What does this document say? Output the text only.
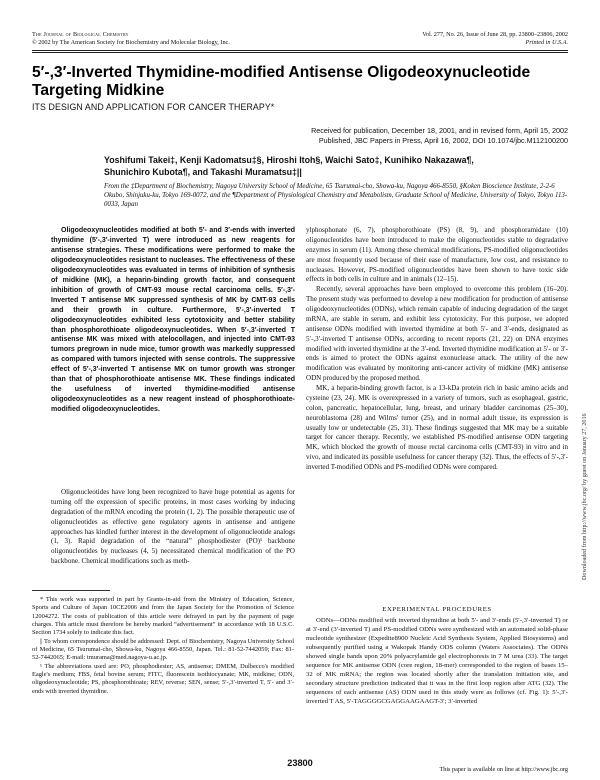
The Journal of Biological Chemistry
© 2002 by The American Society for Biochemistry and Molecular Biology, Inc.
Vol. 277, No. 26, Issue of June 28, pp. 23800–23806, 2002
Printed in U.S.A.
5′-,3′-Inverted Thymidine-modified Antisense Oligodeoxynucleotide Targeting Midkine
ITS DESIGN AND APPLICATION FOR CANCER THERAPY*
Received for publication, December 18, 2001, and in revised form, April 15, 2002
Published, JBC Papers in Press, April 16, 2002, DOI 10.1074/jbc.M112100200
Yoshifumi Takei‡, Kenji Kadomatsu‡§, Hiroshi Itoh§, Waichi Sato‡, Kunihiko Nakazawa¶,
Shunichiro Kubota¶, and Takashi Muramatsu‡||
From the ‡Department of Biochemistry, Nagoya University School of Medicine, 65 Tsurumai-cho, Showa-ku, Nagoya 466-8550, §Koken Bioscience Institute, 2-2-6 Okubo, Shinjuku-ku, Tokyo 169-0072, and the ¶Department of Physiological Chemistry and Metabolism, Graduate School of Medicine, University of Tokyo, Tokyo 113-0033, Japan

Oligodeoxynucleotides modified at both 5′- and 3′-ends with inverted thymidine (5′-,3′-inverted T) were introduced as new reagents for antisense strategies. These modifications were performed to make the oligodeoxynucleotides resistant to nucleases. The effectiveness of these oligodeoxynucleotides was evaluated in terms of inhibition of synthesis of midkine (MK), a heparin-binding growth factor, and consequent inhibition of growth of CMT-93 mouse rectal carcinoma cells. 5′-,3′-Inverted T antisense MK suppressed synthesis of MK by CMT-93 cells and their growth in culture. Furthermore, 5′-,3′-inverted T oligodeoxynucleotides exhibited less cytotoxicity and better stability than phosphorothioate oligodeoxynucleotides. When 5′-,3′-inverted T antisense MK was mixed with atelocollagen, and injected into CMT-93 tumors pregrown in nude mice, tumor growth was markedly suppressed as compared with tumors injected with sense controls. The suppressive effect of 5′-,3′-inverted T antisense MK on tumor growth was stronger than that of phosphorothioate antisense MK. These findings indicated the usefulness of inverted thymidine-modified antisense oligodeoxynucleotides as a new reagent instead of phosphorothioate-modified oligodeoxynucleotides.

Oligonucleotides have long been recognized to have huge potential as agents for turning off the expression of specific proteins, in most cases working by inducing degradation of the mRNA encoding the protein (1, 2). The possible therapeutic use of oligonucleotides as effective gene regulatory agents in antisense and antigene approaches has kindled further interest in the development of oligonucleotide analogs (1, 3). Rapid degradation of the “natural” phosphodiester (PO)¹ backbone oligonucleotides by nucleases (4, 5) necessitated chemical modification of the PO backbone. Chemical modifications such as meth-

ylphosphonate (6, 7), phosphorothioate (PS) (8, 9), and phosphoramidate (10) oligonucleotides have been introduced to make the oligonucleotides stable to degradative enzymes in serum (11). Among these chemical modifications, PS-modified oligonucleotides are most frequently used because of their ease of manufacture, low cost, and resistance to nucleases. However, PS-modified oligonucleotides have been shown to have toxic side effects in both cells in culture and in animals (12–15).

Recently, several approaches have been employed to overcome this problem (16–20). The present study was performed to develop a new modification for production of antisense oligodeoxynucleotides (ODNs), which remain capable of inducing degradation of the target mRNA, are stable in serum, and exhibit less cytotoxicity. For this purpose, we adopted antisense ODNs modified with inverted thymidine at both 5′- and 3′-ends, designated as 5′-,3′-inverted T antisense ODNs, according to recent reports (21, 22) on DNA enzymes modified with inverted thymidine at the 3′-end. Inverted thymidine modification at 5′- or 3′-ends is aimed to protect the ODNs against exonuclease attack. The utility of the new modification was evaluated by monitoring anti-cancer activity of midkine (MK) antisense ODN produced by the proposed method.

MK, a heparin-binding growth factor, is a 13-kDa protein rich in basic amino acids and cysteine (23, 24). MK is overexpressed in a variety of tumors, such as esophageal, gastric, colon, pancreatic, hepatocellular, lung, breast, and urinary bladder carcinomas (25–30), neuroblastoma (28) and Wilms' tumor (25), and in normal adult tissue, its expression is usually low or undetectable (25, 31). These findings suggested that MK may be a suitable target for cancer therapy. Recently, we established PS-modified antisense ODN targeting MK, which blocked the growth of mouse rectal carcinoma cells (CMT-93) in vitro and in vivo, and indicated its possible usefulness for cancer therapy (32). Thus, the effects of 5′-,3′-inverted T-modified ODNs and PS-modified ODNs were compared.

* This work was supported in part by Grants-in-aid from the Ministry of Education, Science, Sports and Culture of Japan 10CE2006 and from the Japan Society for the Promotion of Science 12004272. The costs of publication of this article were defrayed in part by the payment of page charges. This article must therefore be hereby marked “advertisement” in accordance with 18 U.S.C. Section 1734 solely to indicate this fact.

|| To whom correspondence should be addressed: Dept. of Biochemistry, Nagoya University School of Medicine, 65 Tsurumai-cho, Showa-ku, Nagoya 466-8550, Japan. Tel.: 81-52-7442059; Fax: 81-52-7442065; E-mail: tmurama@med.nagoya-u.ac.jp.

¹ The abbreviations used are: PO, phosphodiester; AS, antisense; DMEM, Dulbecco's modified Eagle's medium; FBS, fetal bovine serum; FITC, fluorescein isothiocyanate; MK, midkine; ODN, oligodeoxynucleotide; PS, phosphorothioate; REV, reverse; SEN, sense; 5′-,3′-inverted T, 5′- and 3′-ends with inverted thymidine.

EXPERIMENTAL PROCEDURES

ODNs—ODNs modified with inverted thymidine at both 5′- and 3′-ends (5′-,3′-inverted T) or at 3′-end (3′-inverted T) and PS-modified ODNs were synthesized with an automated solid-phase nucleotide synthesizer (Expedite8900 Nucleic Acid Synthesis System, Applied Biosystems) and subsequently purified using a Wakopak Handy ODS column (Waters Associates). The ODNs showed single bands upon 20% polyacrylamide gel electrophoresis in 7 M urea (33). The target sequence for MK antisense ODN (core region, 18-mer) corresponded to the region of bases 15–32 of MK mRNA; the region was located shortly after the translation initiation site, and secondary structure prediction indicated that it was in the first loop region after ATG (32). The sequences of each antisense (AS) ODN used in this study were as follows (cf. Fig. 1): 5′-,3′-inverted T AS, 5′-TAGGGGCGAGGAAGAAGT-3′; 3′-inverted

23800
This paper is available on line at http://www.jbc.org
Downloaded from http://www.jbc.org/ by guest on January 27, 2016
